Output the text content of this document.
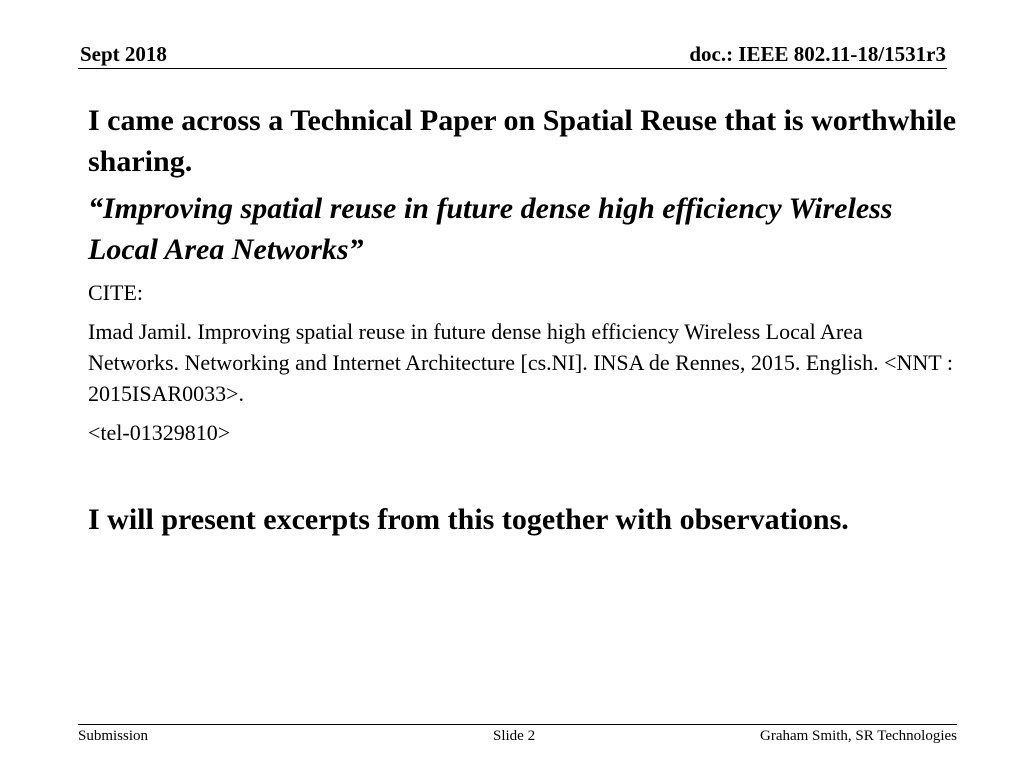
Sept 2018	doc.: IEEE 802.11-18/1531r3

I came across a Technical Paper on Spatial Reuse that is worthwhile sharing.

“Improving spatial reuse in future dense high efficiency Wireless Local Area Networks”

CITE:

Imad Jamil. Improving spatial reuse in future dense high efficiency Wireless Local Area Networks. Networking and Internet Architecture [cs.NI]. INSA de Rennes, 2015. English. <NNT : 2015ISAR0033>.

<tel-01329810>

I will present excerpts from this together with observations.

Submission	Slide 2	Graham Smith, SR Technologies
